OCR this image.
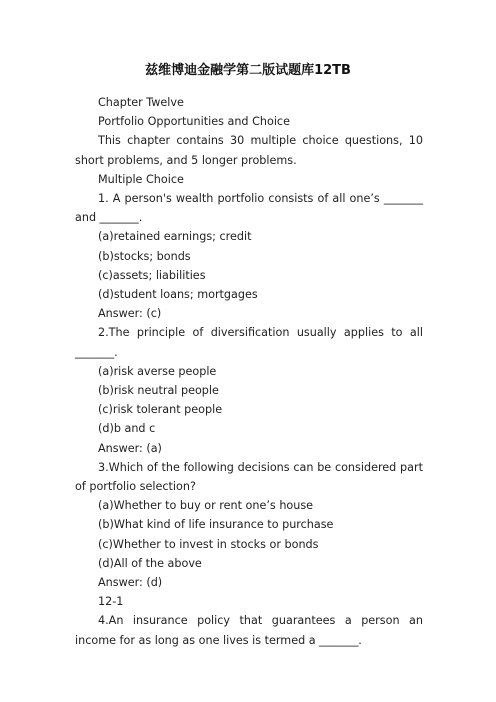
兹维博迪金融学第二版试题库12TB

Chapter Twelve

Portfolio Opportunities and Choice

This chapter contains 30 multiple choice questions, 10 short problems, and 5 longer problems.

Multiple Choice

1. A person's wealth portfolio consists of all one’s _______ and _______.

(a)retained earnings; credit

(b)stocks; bonds

(c)assets; liabilities

(d)student loans; mortgages

Answer: (c)

2.The principle of diversification usually applies to all _______.

(a)risk averse people

(b)risk neutral people

(c)risk tolerant people

(d)b and c

Answer: (a)

3.Which of the following decisions can be considered part of portfolio selection?

(a)Whether to buy or rent one’s house

(b)What kind of life insurance to purchase

(c)Whether to invest in stocks or bonds

(d)All of the above

Answer: (d)

12-1

4.An insurance policy that guarantees a person an income for as long as one lives is termed a _______.
